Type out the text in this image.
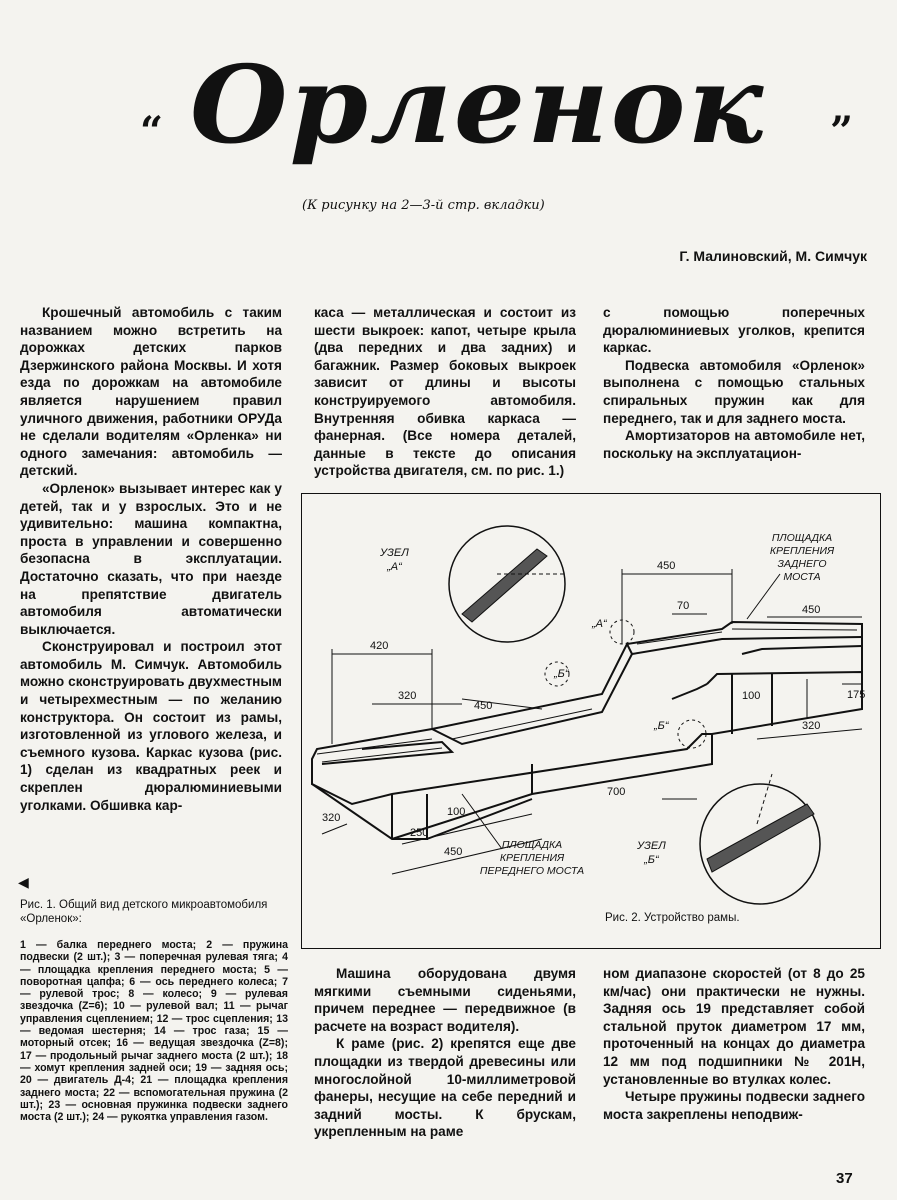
“ Орленок ”
(К рисунку на 2—3-й стр. вкладки)
Г. Малиновский, М. Симчук

Крошечный автомобиль с таким названием можно встретить на дорожках детских парков Дзержинского района Москвы. И хотя езда по дорожкам на автомобиле является нарушением правил уличного движения, работники ОРУДа не сделали водителям «Орленка» ни одного замечания: автомобиль — детский.

«Орленок» вызывает интерес как у детей, так и у взрослых. Это и не удивительно: машина компактна, проста в управлении и совершенно безопасна в эксплуатации. Достаточно сказать, что при наезде на препятствие двигатель автомобиля автоматически выключается.

Сконструировал и построил этот автомобиль М. Симчук. Автомобиль можно сконструировать двухместным и четырехместным — по желанию конструктора. Он состоит из рамы, изготовленной из углового железа, и съемного кузова. Каркас кузова (рис. 1) сделан из квадратных реек и скреплен дюралюминиевыми уголками. Обшивка кар-

каса — металлическая и состоит из шести выкроек: капот, четыре крыла (два передних и два задних) и багажник. Размер боковых выкроек зависит от длины и высоты конструируемого автомобиля. Внутренняя обивка каркаса — фанерная. (Все номера деталей, данные в тексте до описания устройства двигателя, см. по рис. 1.)

с помощью поперечных дюралюминиевых уголков, крепится каркас.

Подвеска автомобиля «Орленок» выполнена с помощью стальных спиральных пружин как для переднего, так и для заднего моста.

Амортизаторов на автомобиле нет, поскольку на эксплуатацион-

УЗЕЛ
„А“
ПЛОЩАДКА
КРЕПЛЕНИЯ
ЗАДНЕГО
МОСТА
ПЛОЩАДКА
КРЕПЛЕНИЯ
ПЕРЕДНЕГО МОСТА
УЗЕЛ
„Б“
„А“
„Б“
„Б“
450
70	450
420
320
450
100	175
320
700
320
250
100
450
◀
Рис. 1. Общий вид детского микроавтомобиля «Орленок»:
1 — балка переднего моста; 2 — пружина подвески (2 шт.); 3 — поперечная рулевая тяга; 4 — площадка крепления переднего моста; 5 — поворотная цапфа; 6 — ось переднего колеса; 7 — рулевой трос; 8 — колесо; 9 — рулевая звездочка (Z=6); 10 — рулевой вал; 11 — рычаг управления сцеплением; 12 — трос сцепления; 13 — ведомая шестерня; 14 — трос газа; 15 — моторный отсек; 16 — ведущая звездочка (Z=8); 17 — продольный рычаг заднего моста (2 шт.); 18 — хомут крепления задней оси; 19 — задняя ось; 20 — двигатель Д-4; 21 — площадка крепления заднего моста; 22 — вспомогательная пружина (2 шт.); 23 — основная пружинка подвески заднего моста (2 шт.); 24 — рукоятка управления газом.
Рис. 2. Устройство рамы.

Машина оборудована двумя мягкими съемными сиденьями, причем переднее — передвижное (в расчете на возраст водителя).

К раме (рис. 2) крепятся еще две площадки из твердой древесины или многослойной 10-миллиметровой фанеры, несущие на себе передний и задний мосты. К брускам, укрепленным на раме

ном диапазоне скоростей (от 8 до 25 км/час) они практически не нужны. Задняя ось 19 представляет собой стальной пруток диаметром 17 мм, проточенный на концах до диаметра 12 мм под подшипники № 201Н, установленные во втулках колес.

Четыре пружины подвески заднего моста закреплены неподвиж-

37
